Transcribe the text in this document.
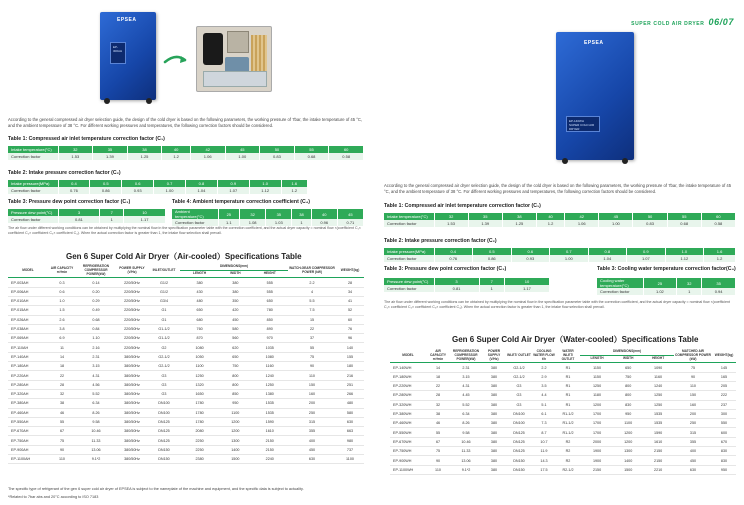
EPSEA
EP-300AH
According to the general compressed air dryer selection guide, the design of the cold dryer is based on the following parameters, the working pressure of 7bar, the intake temperature of 45 °C, and the ambient temperature of 38 °C. For different working pressures and temperatures, the following correction factors should be considered.
Table 1: Compressed air inlet temperature correction factor (C₁)
Intake temperature(°C)	32	35	38	40	42	45	50	55	60
Correction factor	1.53	1.39	1.25	1.2	1.06	1.00	0.83	0.68	0.58
Table 2: Intake pressure correction factor (C₂)
Intake pressure(MPa)	0.4	0.5	0.6	0.7	0.8	0.9	1.0	1.6
Correction factor	0.76	0.86	0.93	1.00	1.04	1.07	1.12	1.2
Table 3: Pressure dew point correction factor (C₃)
Pressure dew point(°C)	3	7	10
Correction factor	0.81	1	1.17
Table 4: Ambient temperature correction coefficient (C₄)
Ambient temperature(°C)	25	32	35	38	40	45
Correction factor	1.1	1.08	1.03	1	0.96	0.71
The air flow under different working conditions can be obtained by multiplying the nominal flow in the specification parameter table with the correction coefficient, and the actual dryer capacity = nominal flow ×(coefficient C₁× coefficient C₂× coefficient C₃× coefficient C₄). When the actual correction factor is greater than 1, the intake flow selection shall prevail.
Gen 6 Super Cold Air Dryer（Air-cooled）Specifications Table
MODEL	AIR CAPACITY m³/min	REFRIGERATION COMPRESSOR POWER(kW)	POWER SUPPLY (V/Hz)	INLET/OUTLET	DIMENSIONS(mm)			WATCH-GEAR COMPRESSOR POWER (kW)	WEIGHT(kg)
					LENGTH	WIDTH	HEIGHT		
EP-003AH	0.3	0.14	220/50Hz	G1/2	380	380	555	2.2	28
EP-006AH	0.6	0.20	220/50Hz	G1/2	430	380	555	4	34
EP-010AH	1.0	0.29	220/50Hz	G3/4	480	350	650	5.5	41
EP-015AH	1.5	0.49	220/50Hz	G1	650	420	780	7.5	52
EP-026AH	2.6	0.68	220/50Hz	G1	680	450	850	15	60
EP-038AH	3.8	0.84	220/50Hz	G1-1/2	760	580	890	22	76
EP-069AH	6.9	1.10	220/50Hz	G1-1/2	870	560	970	37	96
EP-110AH	11	2.16	220/50Hz	G2	1080	620	1035	55	140
EP-140AH	14	2.31	380/50Hz	G2-1/2	1050	650	1080	75	155
EP-180AH	18	3.15	380/50Hz	G2-1/2	1100	750	1160	90	180
EP-220AH	22	4.31	380/50Hz	G3	1250	800	1240	110	216
EP-280AH	28	4.56	380/50Hz	G3	1320	800	1250	150	251
EP-320AH	32	5.52	380/50Hz	G3	1650	850	1380	160	266
EP-380AH	38	6.34	380/50Hz	DN100	1780	950	1535	200	480
EP-460AH	46	8.26	380/50Hz	DN100	1780	1100	1535	250	580
EP-550AH	55	9.58	380/50Hz	DN125	1780	1200	1590	315	630
EP-670AH	67	10.46	380/50Hz	DN125	2080	1200	1610	355	663
EP-750AH	75	11.33	380/50Hz	DN125	2250	1300	2150	400	980
EP-900AH	90	13.06	380/50Hz	DN150	2250	1400	2150	450	737
EP-1100AH	110	9.1*2	380/50Hz	DN150	2380	1500	2240	630	1100
The specific type of refrigerant of the gen 6 super cold air dryer of EPSEA is subject to the nameplate of the machine and equipment, and the specific data is subject to actuality.
*Related to 7bar abs and 20°C according to ISO 7183
SUPER COLD AIR DRYER 06/07
EPSEA
EP-140WH
SUPER COLD AIR DRYER
According to the general compressed air dryer selection guide, the design of the cold dryer is based on the following parameters, the working pressure of 7bar, the intake temperature of 45 °C, and the ambient temperature of 38 °C. For different working pressures and temperatures, the following correction factors should be considered.
Table 1: Compressed air inlet temperature correction factor (C₁)
Intake temperature(°C)	32	35	38	40	42	45	50	55	60
Correction factor	1.53	1.39	1.25	1.2	1.06	1.00	0.83	0.68	0.58
Table 2: Intake pressure correction factor (C₂)
Intake pressure(MPa)	0.4	0.5	0.6	0.7	0.8	0.9	1.0	1.6
Correction factor	0.76	0.86	0.93	1.00	1.04	1.07	1.12	1.2
Table 3: Pressure dew point correction factor (C₃)
Pressure dew point(°C)	3	7	10
Correction factor	0.81	1	1.17
Table 3: Cooling water temperature correction factor(C₄)
Cooling water temperature(°C)	25	32	35
Correction factor	1.02	1	0.94
The air flow under different working conditions can be obtained by multiplying the nominal flow in the specification parameter table with the correction coefficient, and the actual dryer capacity = nominal flow ×(coefficient C₁× coefficient C₂× coefficient C₃× coefficient C₄). When the actual correction factor is greater than 1, the intake flow selection shall prevail.
Gen 6 Super Cold Air Dryer（Water-cooled）Specifications Table
MODEL	AIR CAPACITY m³/min	REFRIGERATION COMPRESSOR POWER(kW)	POWER SUPPLY (V/Hz)	INLET/ OUTLET	COOLING WATER FLOW t/h	WATER INLET/ OUTLET	DIMENSIONS(mm)			MATCHED AIR COMPRESSOR POWER (kW)	WEIGHT(kg)
							LENGTH	WIDTH	HEIGHT		
EP-140WH	14	2.31	380	G2-1/2	2.2	R1	1150	650	1090	75	145
EP-180WH	18	3.15	380	G2-1/2	2.9	R1	1150	750	1160	90	165
EP-220WH	22	4.31	380	G3	3.5	R1	1250	800	1240	110	205
EP-280WH	28	4.45	380	G3	4.4	R1	1180	800	1250	150	222
EP-320WH	32	5.52	380	G3	5.1	R1	1200	830	1250	160	237
EP-380WH	38	6.34	380	DN100	6.1	R1-1/2	1700	950	1535	200	300
EP-460WH	46	8.26	380	DN100	7.3	R1-1/2	1700	1100	1535	250	550
EP-550WH	55	9.58	380	DN125	8.7	R1-1/2	1700	1200	1590	315	600
EP-670WH	67	10.46	380	DN125	10.7	R2	2000	1200	1610	355	670
EP-750WH	75	11.33	380	DN125	11.9	R2	1900	1300	2150	400	830
EP-900WH	90	13.06	380	DN150	14.3	R2	1900	1400	2150	450	830
EP-1100WH	110	9.1*2	380	DN150	17.5	R2-1/2	2150	1500	2210	630	950
